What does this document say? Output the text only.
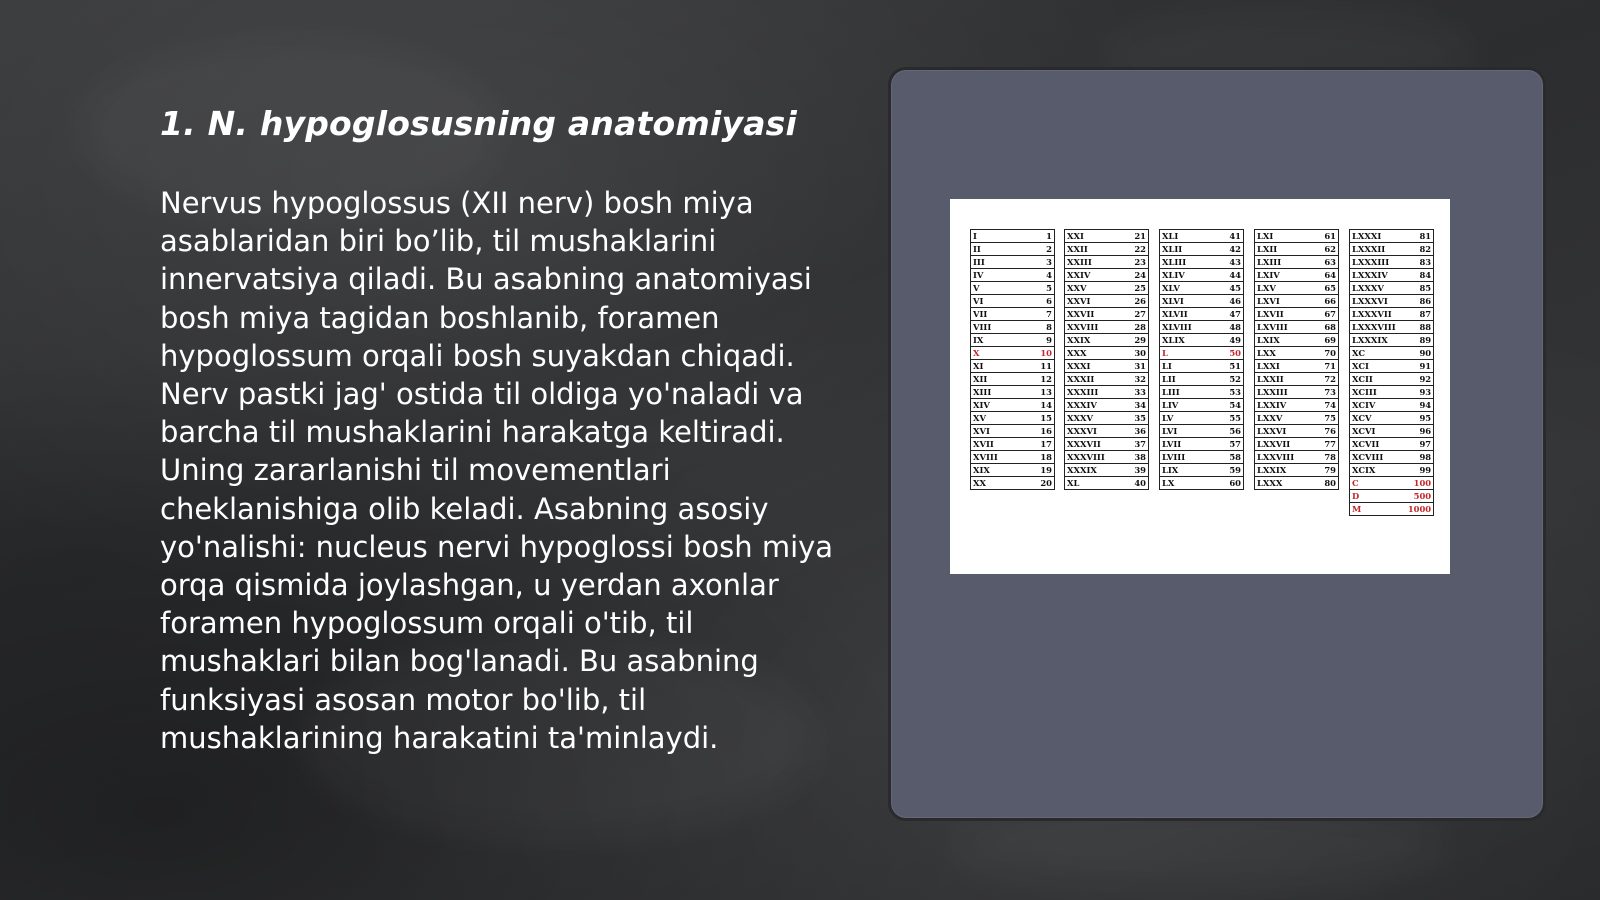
1. N. hypoglosusning anatomiyasi

Nervus hypoglossus (XII nerv) bosh miya asablaridan biri bo’lib, til mushaklarini innervatsiya qiladi. Bu asabning anatomiyasi bosh miya tagidan boshlanib, foramen hypoglossum orqali bosh suyakdan chiqadi. Nerv pastki jag' ostida til oldiga yo'naladi va barcha til mushaklarini harakatga keltiradi. Uning zararlanishi til movementlari cheklanishiga olib keladi. Asabning asosiy yo'nalishi: nucleus nervi hypoglossi bosh miya orqa qismida joylashgan, u yerdan axonlar foramen hypoglossum orqali o'tib, til mushaklari bilan bog'lanadi. Bu asabning funksiyasi asosan motor bo'lib, til mushaklarining harakatini ta'minlaydi.

I	1
II	2
III	3
IV	4
V	5
VI	6
VII	7
VIII	8
IX	9
X	10
XI	11
XII	12
XIII	13
XIV	14
XV	15
XVI	16
XVII	17
XVIII	18
XIX	19
XX	20
XXI	21
XXII	22
XXIII	23
XXIV	24
XXV	25
XXVI	26
XXVII	27
XXVIII	28
XXIX	29
XXX	30
XXXI	31
XXXII	32
XXXIII	33
XXXIV	34
XXXV	35
XXXVI	36
XXXVII	37
XXXVIII	38
XXXIX	39
XL	40
XLI	41
XLII	42
XLIII	43
XLIV	44
XLV	45
XLVI	46
XLVII	47
XLVIII	48
XLIX	49
L	50
LI	51
LII	52
LIII	53
LIV	54
LV	55
LVI	56
LVII	57
LVIII	58
LIX	59
LX	60
LXI	61
LXII	62
LXIII	63
LXIV	64
LXV	65
LXVI	66
LXVII	67
LXVIII	68
LXIX	69
LXX	70
LXXI	71
LXXII	72
LXXIII	73
LXXIV	74
LXXV	75
LXXVI	76
LXXVII	77
LXXVIII	78
LXXIX	79
LXXX	80
LXXXI	81
LXXXII	82
LXXXIII	83
LXXXIV	84
LXXXV	85
LXXXVI	86
LXXXVII	87
LXXXVIII	88
LXXXIX	89
XC	90
XCI	91
XCII	92
XCIII	93
XCIV	94
XCV	95
XCVI	96
XCVII	97
XCVIII	98
XCIX	99
C	100
D	500
M	1000
